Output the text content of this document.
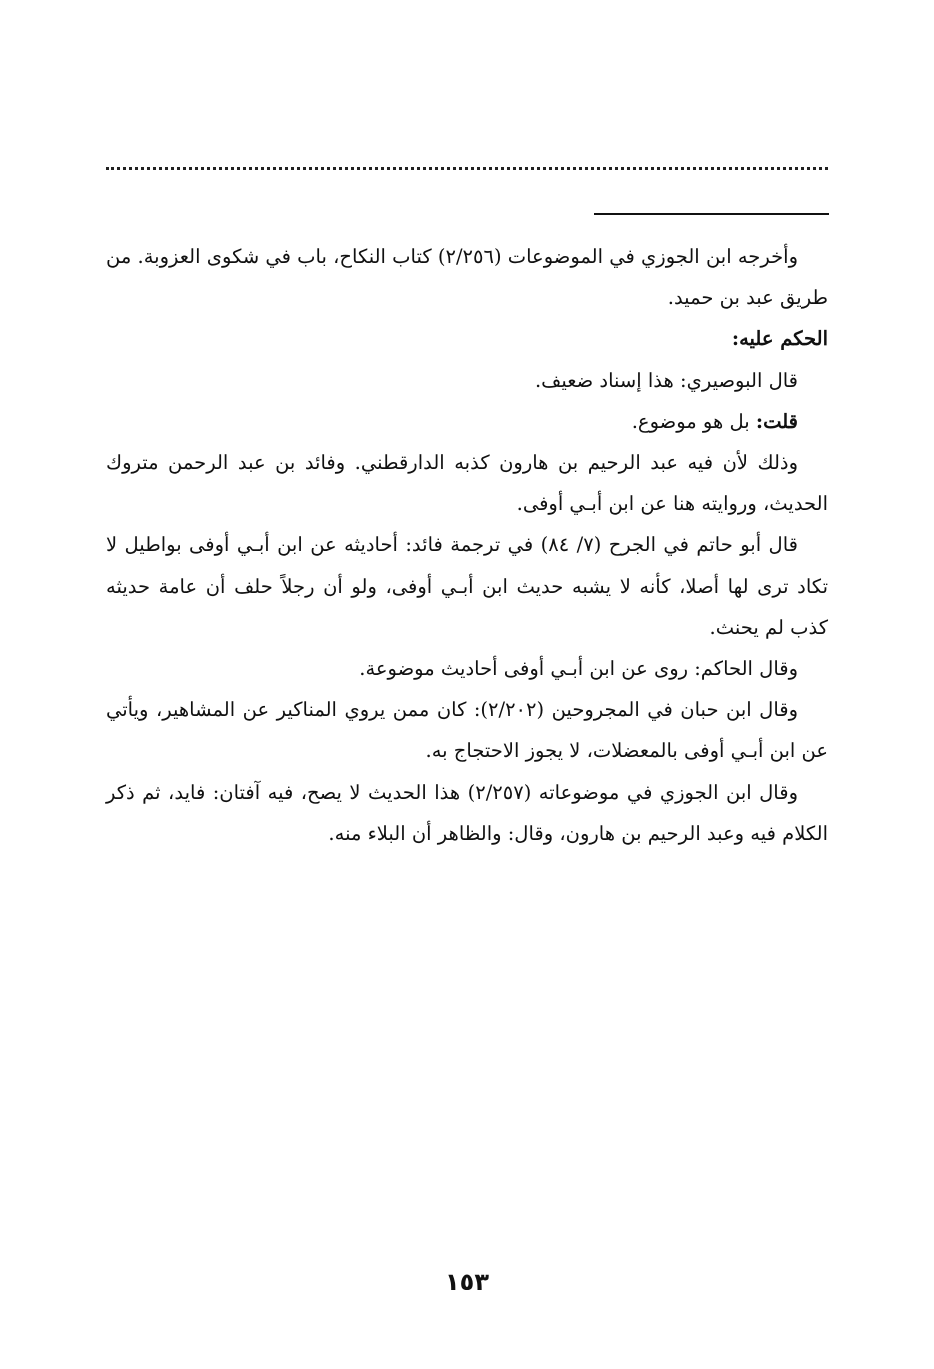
وأخرجه ابن الجوزي في الموضوعات (٢/٢٥٦) كتاب النكاح، باب في شكوى العزوبة. من طريق عبد بن حميد.

الحكم عليه:

قال البوصيري: هذا إسناد ضعيف.

قلت: بل هو موضوع.

وذلك لأن فيه عبد الرحيم بن هارون كذبه الدارقطني. وفائد بن عبد الرحمن متروك الحديث، وروايته هنا عن ابن أبـي أوفى.

قال أبو حاتم في الجرح (٧/ ٨٤) في ترجمة فائد: أحاديثه عن ابن أبـي أوفى بواطيل لا تكاد ترى لها أصلا، كأنه لا يشبه حديث ابن أبـي أوفى، ولو أن رجلاً حلف أن عامة حديثه كذب لم يحنث.

وقال الحاكم: روى عن ابن أبـي أوفى أحاديث موضوعة.

وقال ابن حبان في المجروحين (٢/٢٠٢): كان ممن يروي المناكير عن المشاهير، ويأتي عن ابن أبـي أوفى بالمعضلات، لا يجوز الاحتجاج به.

وقال ابن الجوزي في موضوعاته (٢/٢٥٧) هذا الحديث لا يصح، فيه آفتان: فايد، ثم ذكر الكلام فيه وعبد الرحيم بن هارون، وقال: والظاهر أن البلاء منه.

١٥٣
